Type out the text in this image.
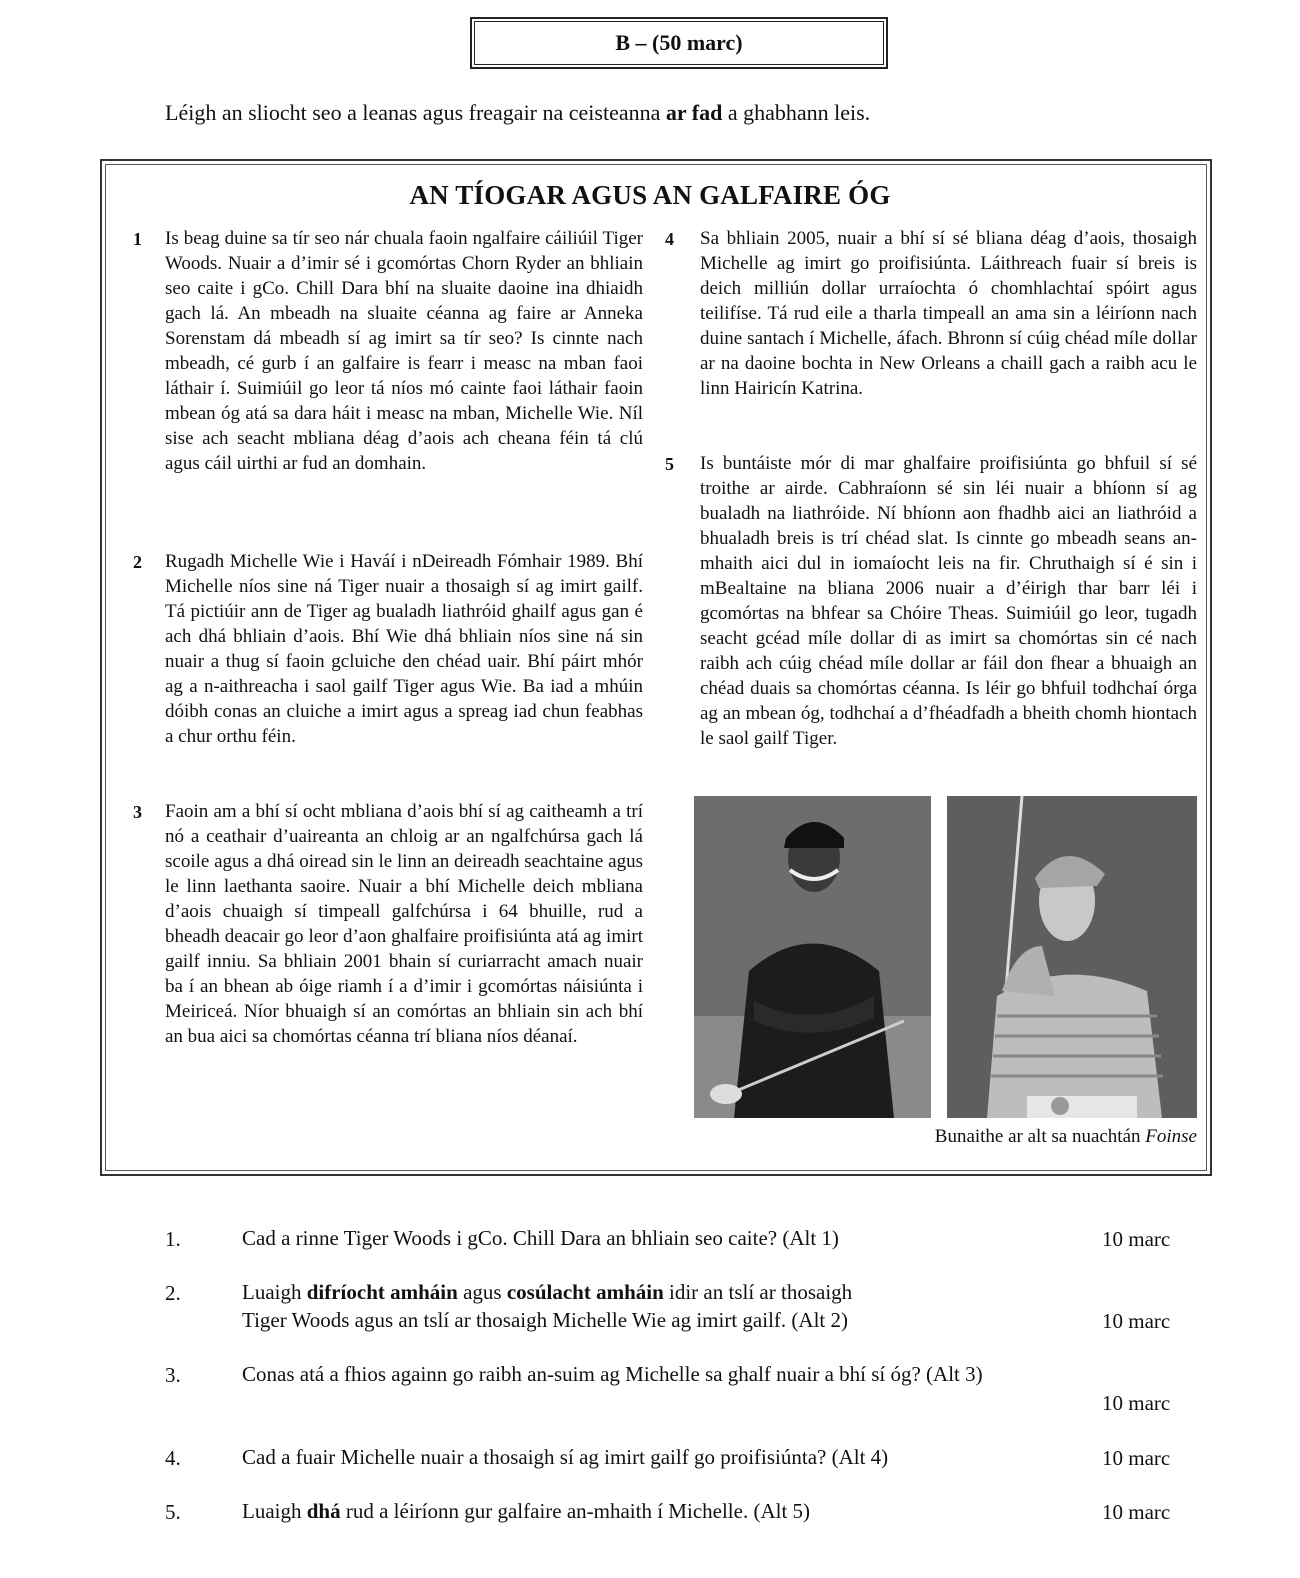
B – (50 marc)
Léigh an sliocht seo a leanas agus freagair na ceisteanna ar fad a ghabhann leis.
AN TÍOGAR AGUS AN GALFAIRE ÓG
1 Is beag duine sa tír seo nár chuala faoin ngalfaire cáiliúil Tiger Woods. Nuair a d’imir sé i gcomórtas Chorn Ryder an bhliain seo caite i gCo. Chill Dara bhí na sluaite daoine ina dhiaidh gach lá. An mbeadh na sluaite céanna ag faire ar Anneka Sorenstam dá mbeadh sí ag imirt sa tír seo? Is cinnte nach mbeadh, cé gurb í an galfaire is fearr i measc na mban faoi láthair í. Suimiúil go leor tá níos mó cainte faoi láthair faoin mbean óg atá sa dara háit i measc na mban, Michelle Wie. Níl sise ach seacht mbliana déag d’aois ach cheana féin tá clú agus cáil uirthi ar fud an domhain.
2 Rugadh Michelle Wie i Haváí i nDeireadh Fómhair 1989. Bhí Michelle níos sine ná Tiger nuair a thosaigh sí ag imirt gailf. Tá pictiúir ann de Tiger ag bualadh liathróid ghailf agus gan é ach dhá bhliain d’aois. Bhí Wie dhá bhliain níos sine ná sin nuair a thug sí faoin gcluiche den chéad uair. Bhí páirt mhór ag a n-aithreacha i saol gailf Tiger agus Wie. Ba iad a mhúin dóibh conas an cluiche a imirt agus a spreag iad chun feabhas a chur orthu féin.
3 Faoin am a bhí sí ocht mbliana d’aois bhí sí ag caitheamh a trí nó a ceathair d’uaireanta an chloig ar an ngalfchúrsa gach lá scoile agus a dhá oiread sin le linn an deireadh seachtaine agus le linn laethanta saoire. Nuair a bhí Michelle deich mbliana d’aois chuaigh sí timpeall galfchúrsa i 64 bhuille, rud a bheadh deacair go leor d’aon ghalfaire proifisiúnta atá ag imirt gailf inniu. Sa bhliain 2001 bhain sí curiarracht amach nuair ba í an bhean ab óige riamh í a d’imir i gcomórtas náisiúnta i Meiriceá. Níor bhuaigh sí an comórtas an bhliain sin ach bhí an bua aici sa chomórtas céanna trí bliana níos déanaí.
4 Sa bhliain 2005, nuair a bhí sí sé bliana déag d’aois, thosaigh Michelle ag imirt go proifisiúnta. Láithreach fuair sí breis is deich milliún dollar urraíochta ó chomhlachtaí spóirt agus teilifíse. Tá rud eile a tharla timpeall an ama sin a léiríonn nach duine santach í Michelle, áfach. Bhronn sí cúig chéad míle dollar ar na daoine bochta in New Orleans a chaill gach a raibh acu le linn Hairicín Katrina.
5 Is buntáiste mór di mar ghalfaire proifisiúnta go bhfuil sí sé troithe ar airde. Cabhraíonn sé sin léi nuair a bhíonn sí ag bualadh na liathróide. Ní bhíonn aon fhadhb aici an liathróid a bhualadh breis is trí chéad slat. Is cinnte go mbeadh seans an-mhaith aici dul in iomaíocht leis na fir. Chruthaigh sí é sin i mBealtaine na bliana 2006 nuair a d’éirigh thar barr léi i gcomórtas na bhfear sa Chóire Theas. Suimiúil go leor, tugadh seacht gcéad míle dollar di as imirt sa chomórtas sin cé nach raibh ach cúig chéad míle dollar ar fáil don fhear a bhuaigh an chéad duais sa chomórtas céanna. Is léir go bhfuil todhchaí órga ag an mbean óg, todhchaí a d’fhéadfadh a bheith chomh hiontach le saol gailf Tiger.
Bunaithe ar alt sa nuachtán Foinse
1.	Cad a rinne Tiger Woods i gCo. Chill Dara an bhliain seo caite? (Alt 1)	10 marc
2.	Luaigh difríocht amháin agus cosúlacht amháin idir an tslí ar thosaigh
Tiger Woods agus an tslí ar thosaigh Michelle Wie ag imirt gailf. (Alt 2)	10 marc
3.	Conas atá a fhios againn go raibh an-suim ag Michelle sa ghalf nuair a bhí sí óg? (Alt 3)
10 marc
4.	Cad a fuair Michelle nuair a thosaigh sí ag imirt gailf go proifisiúnta? (Alt 4)	10 marc
5.	Luaigh dhá rud a léiríonn gur galfaire an-mhaith í Michelle. (Alt 5)	10 marc
